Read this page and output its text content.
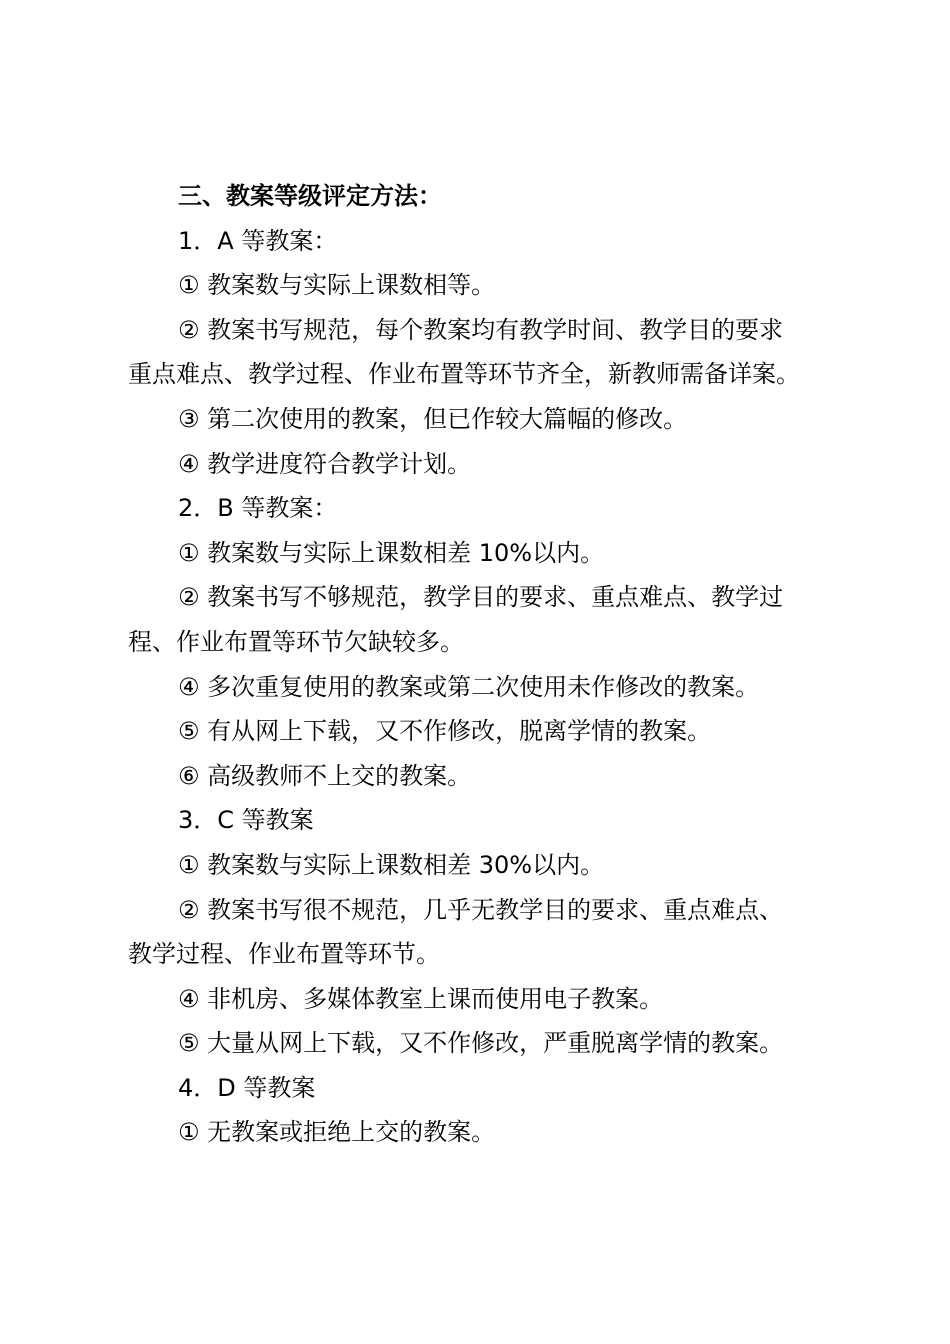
三、教案等级评定方法：

1．A 等教案：

① 教案数与实际上课数相等。

② 教案书写规范，每个教案均有教学时间、教学目的要求

重点难点、教学过程、作业布置等环节齐全，新教师需备详案。

③ 第二次使用的教案，但已作较大篇幅的修改。

④ 教学进度符合教学计划。

2．B 等教案：

① 教案数与实际上课数相差 10%以内。

② 教案书写不够规范，教学目的要求、重点难点、教学过

程、作业布置等环节欠缺较多。

④ 多次重复使用的教案或第二次使用未作修改的教案。

⑤ 有从网上下载，又不作修改，脱离学情的教案。

⑥ 高级教师不上交的教案。

3．C 等教案

① 教案数与实际上课数相差 30%以内。

② 教案书写很不规范，几乎无教学目的要求、重点难点、

教学过程、作业布置等环节。

④ 非机房、多媒体教室上课而使用电子教案。

⑤ 大量从网上下载，又不作修改，严重脱离学情的教案。

4．D 等教案

① 无教案或拒绝上交的教案。
